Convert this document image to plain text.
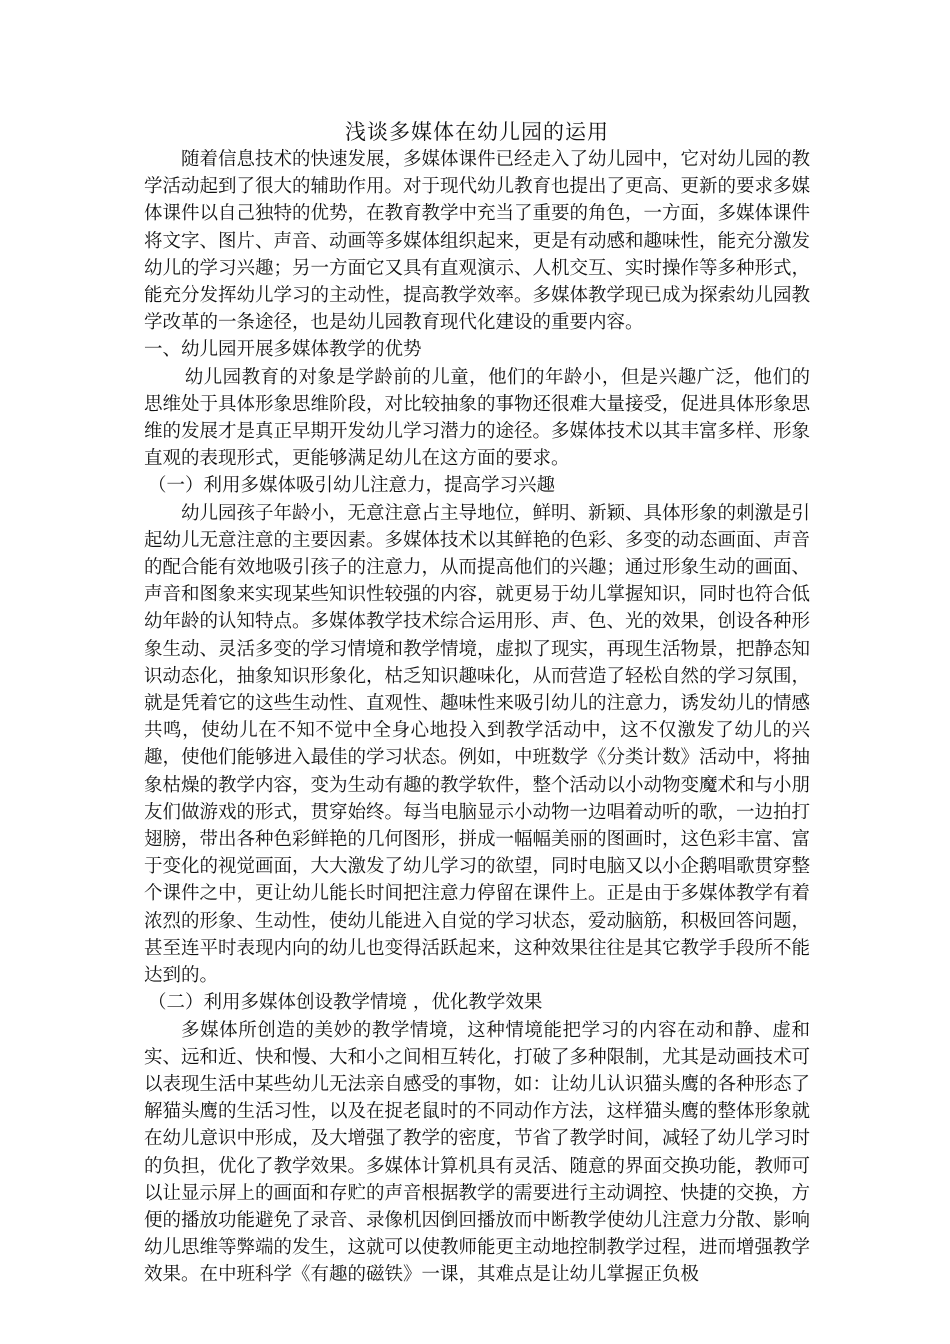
浅谈多媒体在幼儿园的运用

随着信息技术的快速发展，多媒体课件已经走入了幼儿园中，它对幼儿园的教学活动起到了很大的辅助作用。对于现代幼儿教育也提出了更高、更新的要求多媒体课件以自己独特的优势，在教育教学中充当了重要的角色，一方面，多媒体课件将文字、图片、声音、动画等多媒体组织起来，更是有动感和趣味性，能充分激发幼儿的学习兴趣；另一方面它又具有直观演示、人机交互、实时操作等多种形式，能充分发挥幼儿学习的主动性，提高教学效率。多媒体教学现已成为探索幼儿园教学改革的一条途径，也是幼儿园教育现代化建设的重要内容。

一、幼儿园开展多媒体教学的优势

幼儿园教育的对象是学龄前的儿童，他们的年龄小，但是兴趣广泛，他们的思维处于具体形象思维阶段，对比较抽象的事物还很难大量接受，促进具体形象思维的发展才是真正早期开发幼儿学习潜力的途径。多媒体技术以其丰富多样、形象直观的表现形式，更能够满足幼儿在这方面的要求。

（一）利用多媒体吸引幼儿注意力，提高学习兴趣

幼儿园孩子年龄小，无意注意占主导地位，鲜明、新颖、具体形象的刺激是引起幼儿无意注意的主要因素。多媒体技术以其鲜艳的色彩、多变的动态画面、声音的配合能有效地吸引孩子的注意力，从而提高他们的兴趣；通过形象生动的画面、声音和图象来实现某些知识性较强的内容，就更易于幼儿掌握知识，同时也符合低幼年龄的认知特点。多媒体教学技术综合运用形、声、色、光的效果，创设各种形象生动、灵活多变的学习情境和教学情境，虚拟了现实，再现生活物景，把静态知识动态化，抽象知识形象化，枯乏知识趣味化，从而营造了轻松自然的学习氛围，就是凭着它的这些生动性、直观性、趣味性来吸引幼儿的注意力，诱发幼儿的情感共鸣，使幼儿在不知不觉中全身心地投入到教学活动中，这不仅激发了幼儿的兴趣，使他们能够进入最佳的学习状态。例如，中班数学《分类计数》活动中，将抽象枯燥的教学内容，变为生动有趣的教学软件，整个活动以小动物变魔术和与小朋友们做游戏的形式，贯穿始终。每当电脑显示小动物一边唱着动听的歌，一边拍打翅膀，带出各种色彩鲜艳的几何图形，拼成一幅幅美丽的图画时，这色彩丰富、富于变化的视觉画面，大大激发了幼儿学习的欲望，同时电脑又以小企鹅唱歌贯穿整个课件之中，更让幼儿能长时间把注意力停留在课件上。正是由于多媒体教学有着浓烈的形象、生动性，使幼儿能进入自觉的学习状态，爱动脑筋，积极回答问题，甚至连平时表现内向的幼儿也变得活跃起来，这种效果往往是其它教学手段所不能达到的。

（二）利用多媒体创设教学情境 ，优化教学效果

多媒体所创造的美妙的教学情境，这种情境能把学习的内容在动和静、虚和实、远和近、快和慢、大和小之间相互转化，打破了多种限制，尤其是动画技术可以表现生活中某些幼儿无法亲自感受的事物，如：让幼儿认识猫头鹰的各种形态了解猫头鹰的生活习性，以及在捉老鼠时的不同动作方法，这样猫头鹰的整体形象就在幼儿意识中形成，及大增强了教学的密度，节省了教学时间，减轻了幼儿学习时的负担，优化了教学效果。多媒体计算机具有灵活、随意的界面交换功能，教师可以让显示屏上的画面和存贮的声音根据教学的需要进行主动调控、快捷的交换，方便的播放功能避免了录音、录像机因倒回播放而中断教学使幼儿注意力分散、影响幼儿思维等弊端的发生，这就可以使教师能更主动地控制教学过程，进而增强教学效果。在中班科学《有趣的磁铁》一课，其难点是让幼儿掌握正负极
